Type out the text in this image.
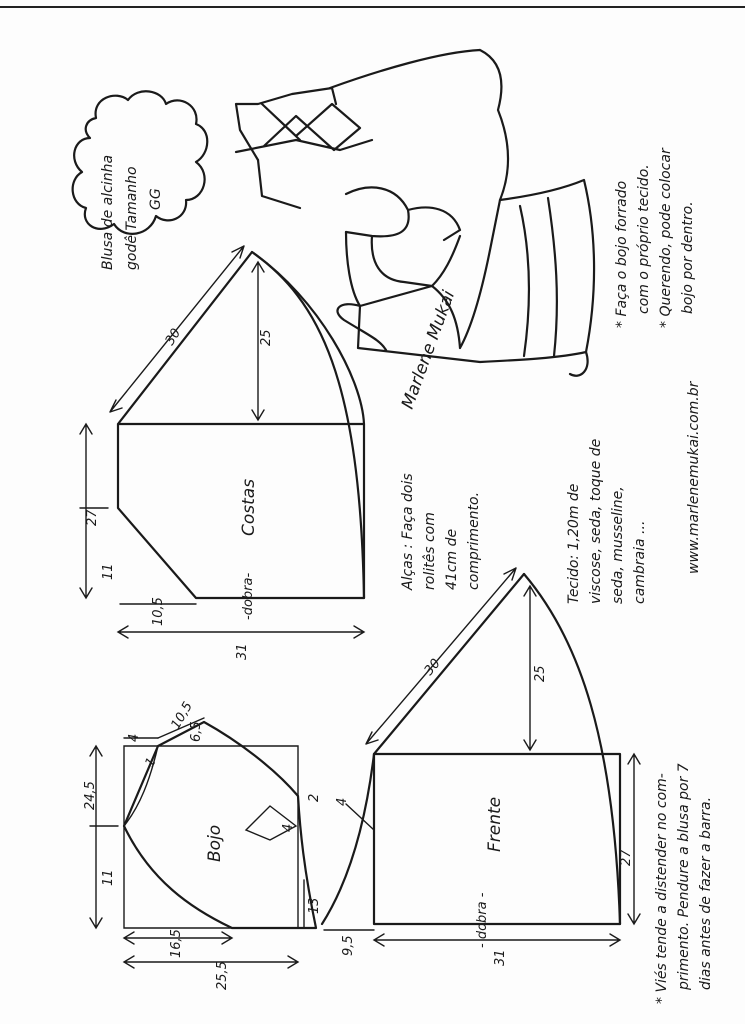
Blusa de alcinha godê Tamanho GG
Marlene Mukai
Costas
-dobra-
30	25
27
11
10,5
31
Frente
- dobra -
30	25
4
27
9,5
31
Bojo
4
10,5
6,5
1
24,5
11
2
4
13
16,5
25,5
Alças : Faça dois rolitês com 41cm de comprimento.	Tecido: 1,20m de viscose, seda, toque de seda, musseline, cambraia ...	www.marlenemukai.com.br
* Faça o bojo forrado com o próprio tecido. * Querendo, pode colocar bojo por dentro.
* Viés tende a distender no com- primento. Pendure a blusa por 7 dias antes de fazer a barra.
